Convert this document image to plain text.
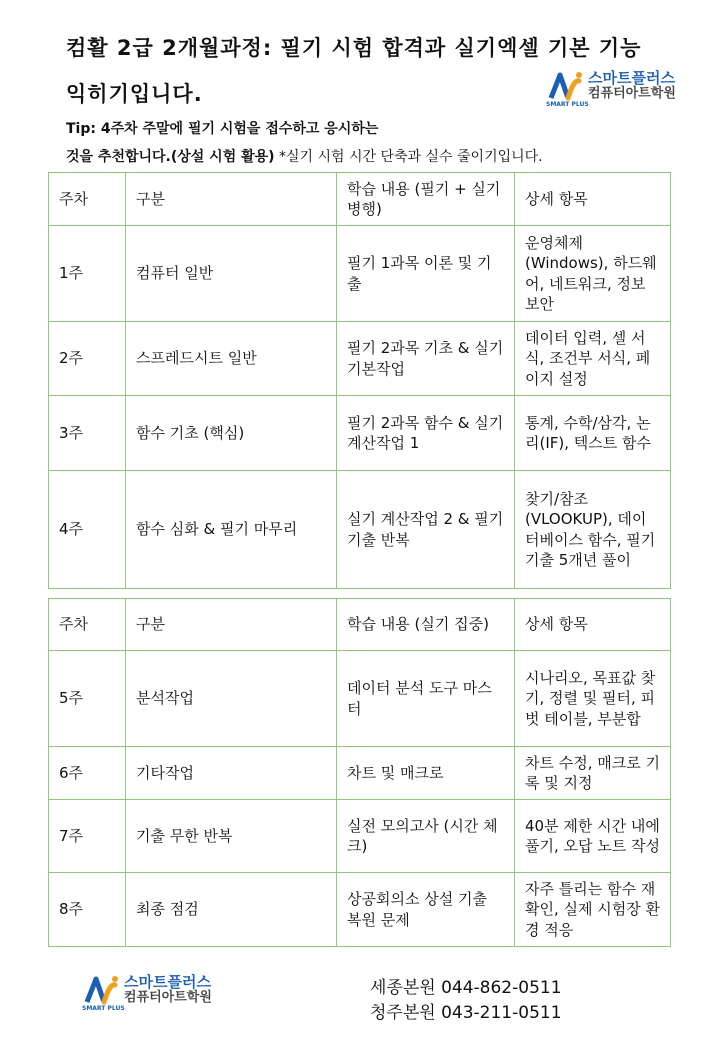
컴활 2급 2개월과정: 필기 시험 합격과 실기엑셀 기본 기능
익히기입니다.	SMART PLUS
스마트플러스
컴퓨터아트학원
Tip: 4주차 주말에 필기 시험을 접수하고 응시하는
것을 추천합니다.(상설 시험 활용) *실기 시험 시간 단축과 실수 줄이기입니다.
주차	구분	학습 내용 (필기 + 실기 병행)	상세 항목
1주	컴퓨터 일반	필기 1과목 이론 및 기출	운영체제 (Windows), 하드웨어, 네트워크, 정보 보안
2주	스프레드시트 일반	필기 2과목 기초 & 실기 기본작업	데이터 입력, 셀 서식, 조건부 서식, 페이지 설정
3주	함수 기초 (핵심)	필기 2과목 함수 & 실기 계산작업 1	통계, 수학/삼각, 논리(IF), 텍스트 함수
4주	함수 심화 & 필기 마무리	실기 계산작업 2 & 필기 기출 반복	찾기/참조 (VLOOKUP), 데이터베이스 함수, 필기 기출 5개년 풀이
주차	구분	학습 내용 (실기 집중)	상세 항목
5주	분석작업	데이터 분석 도구 마스터	시나리오, 목표값 찾기, 정렬 및 필터, 피벗 테이블, 부분합
6주	기타작업	차트 및 매크로	차트 수정, 매크로 기록 및 지정
7주	기출 무한 반복	실전 모의고사 (시간 체크)	40분 제한 시간 내에 풀기, 오답 노트 작성
8주	최종 점검	상공회의소 상설 기출 복원 문제	자주 틀리는 함수 재확인, 실제 시험장 환경 적응
SMART PLUS
스마트플러스
컴퓨터아트학원	세종본원 044-862-0511
청주본원 043-211-0511
